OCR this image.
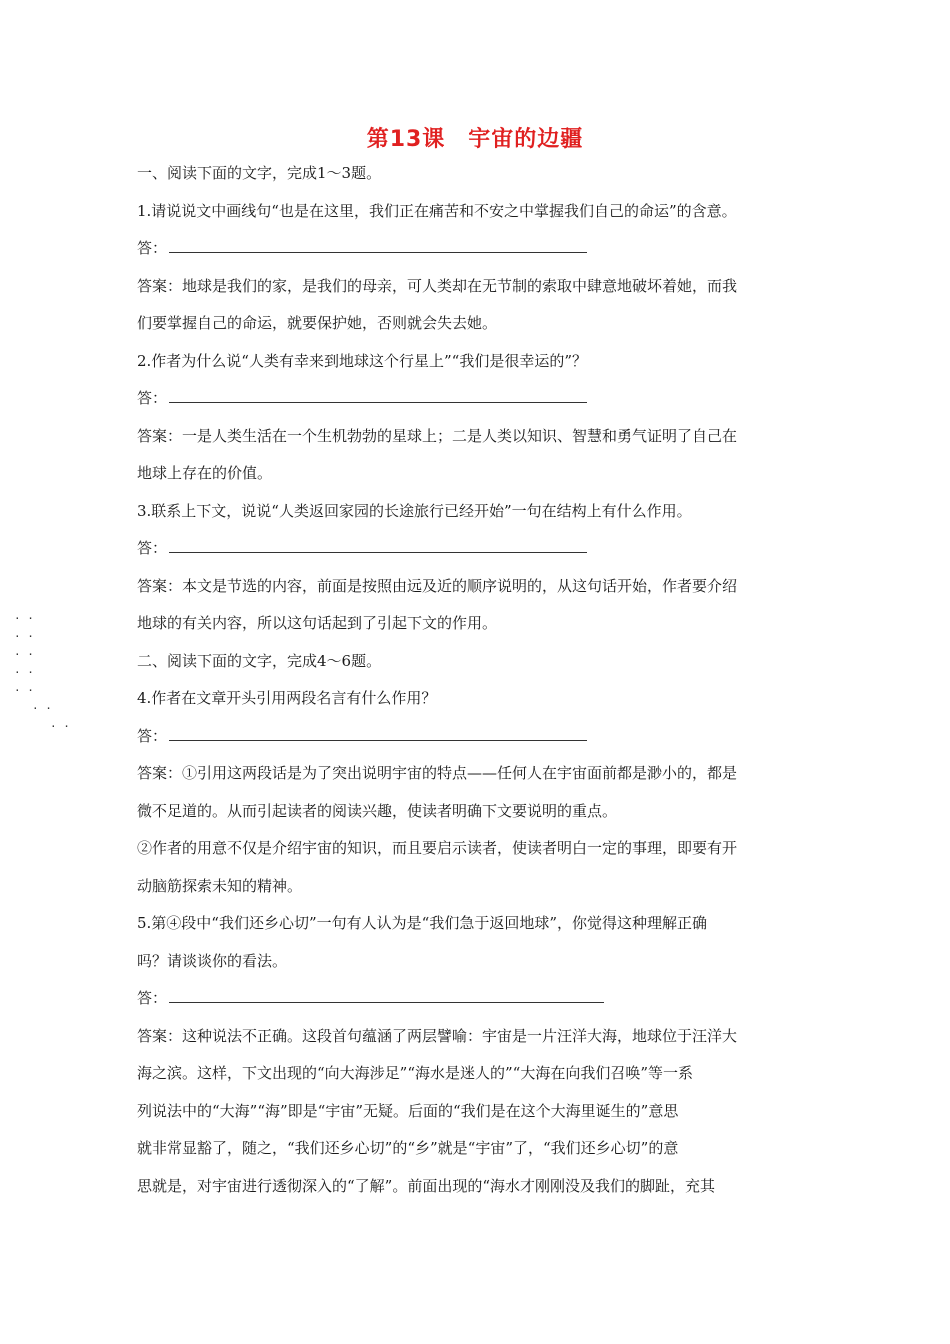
第13课　宇宙的边疆
一、阅读下面的文字，完成1～3题。
1.请说说文中画线句“也是在这里，我们正在痛苦和不安之中掌握我们自己的命运”的含意。
答：
答案：地球是我们的家，是我们的母亲，可人类却在无节制的索取中肆意地破坏着她，而我
们要掌握自己的命运，就要保护她，否则就会失去她。
2.作者为什么说“人类有幸来到地球这个行星上”“我们是很幸运的”？
答：
答案：一是人类生活在一个生机勃勃的星球上；二是人类以知识、智慧和勇气证明了自己在
地球上存在的价值。
3.联系上下文，说说“人类返回家园的长途旅行已经开始”一句在结构上有什么作用。
答：
答案：本文是节选的内容，前面是按照由远及近的顺序说明的，从这句话开始，作者要介绍
地球的有关内容，所以这句话起到了引起下文的作用。
二、阅读下面的文字，完成4～6题。
4.作者在文章开头引用两段名言有什么作用？
答：
答案：①引用这两段话是为了突出说明宇宙的特点——任何人在宇宙面前都是渺小的，都是
微不足道的。从而引起读者的阅读兴趣，使读者明确下文要说明的重点。
②作者的用意不仅是介绍宇宙的知识，而且要启示读者，使读者明白一定的事理，即要有开
动脑筋探索未知的精神。
5.第④段中“我们还乡心切”一句有人认为是“我们急于返回地球”，你觉得这种理解正确
吗？请谈谈你的看法。
答：
答案：这种说法不正确。这段首句蕴涵了两层譬喻：宇宙是一片汪洋大海，地球位于汪洋大
海之滨。这样，下文出现的“向大海涉足”“海水是迷人的”“大海在向我们召唤”等一系
列说法中的“大海”“海”即是“宇宙”无疑。后面的“我们是在这个大海里诞生的”意思
就非常显豁了，随之，“我们还乡心切”的“乡”就是“宇宙”了，“我们还乡心切”的意
思就是，对宇宙进行透彻深入的“了解”。前面出现的“海水才刚刚没及我们的脚趾，充其
· ·
· ·
· ·
· ·
· ·
· ·
· ·
